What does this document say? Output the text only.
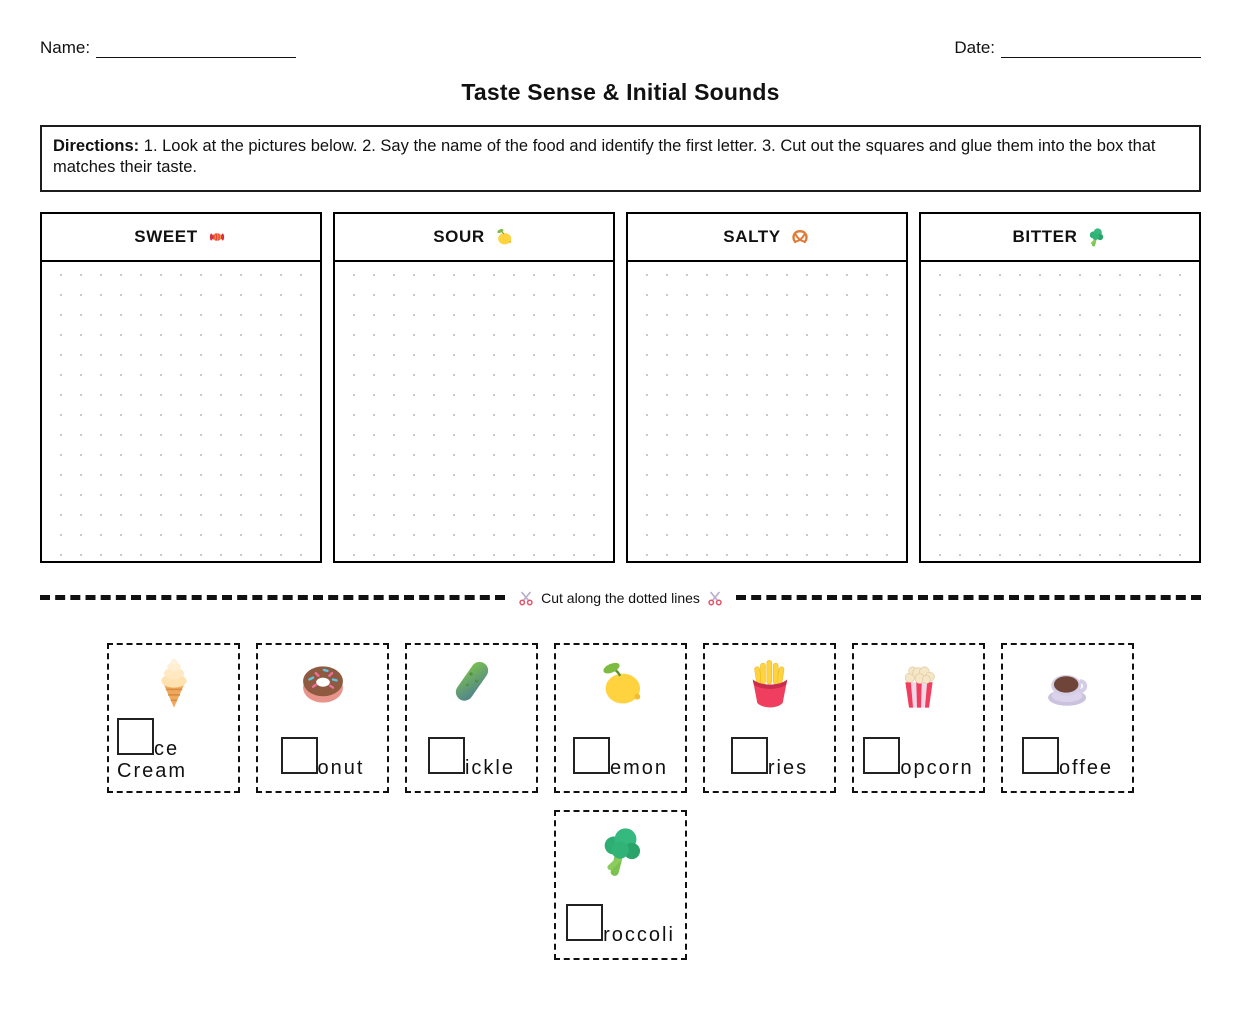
Name:	Date:
Taste Sense & Initial Sounds
Directions: 1. Look at the pictures below. 2. Say the name of the food and identify the first letter. 3. Cut out the squares and glue them into the box that matches their taste.
SWEET	SOUR	SALTY	BITTER
Cut along the dotted lines
ce Cream	onut	ickle	emon	ries	opcorn	offee
roccoli
